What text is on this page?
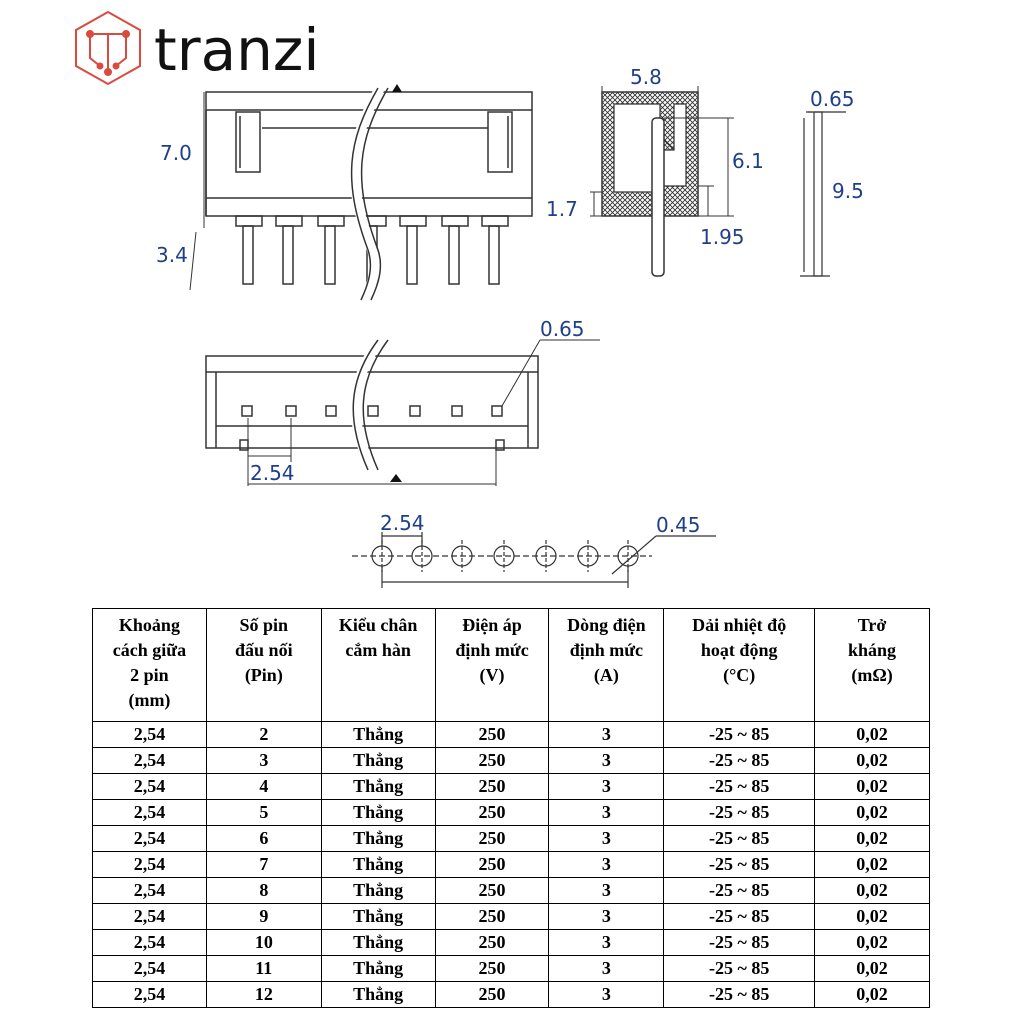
tranzi
7.0
3.4
5.8
6.1
1.7
1.95
0.65
9.5
0.65
2.54
2.54	0.45
Khoảng
cách giữa
2 pin
(mm)	Số pin
đấu nối
(Pin)	Kiểu chân
cắm hàn	Điện áp
định mức
(V)	Dòng điện
định mức
(A)	Dải nhiệt độ
hoạt động
(°C)	Trở
kháng
(mΩ)

2,54	2	Thẳng	250	3	-25 ~ 85	0,02
2,54	3	Thẳng	250	3	-25 ~ 85	0,02
2,54	4	Thẳng	250	3	-25 ~ 85	0,02
2,54	5	Thẳng	250	3	-25 ~ 85	0,02
2,54	6	Thẳng	250	3	-25 ~ 85	0,02
2,54	7	Thẳng	250	3	-25 ~ 85	0,02
2,54	8	Thẳng	250	3	-25 ~ 85	0,02
2,54	9	Thẳng	250	3	-25 ~ 85	0,02
2,54	10	Thẳng	250	3	-25 ~ 85	0,02
2,54	11	Thẳng	250	3	-25 ~ 85	0,02
2,54	12	Thẳng	250	3	-25 ~ 85	0,02
